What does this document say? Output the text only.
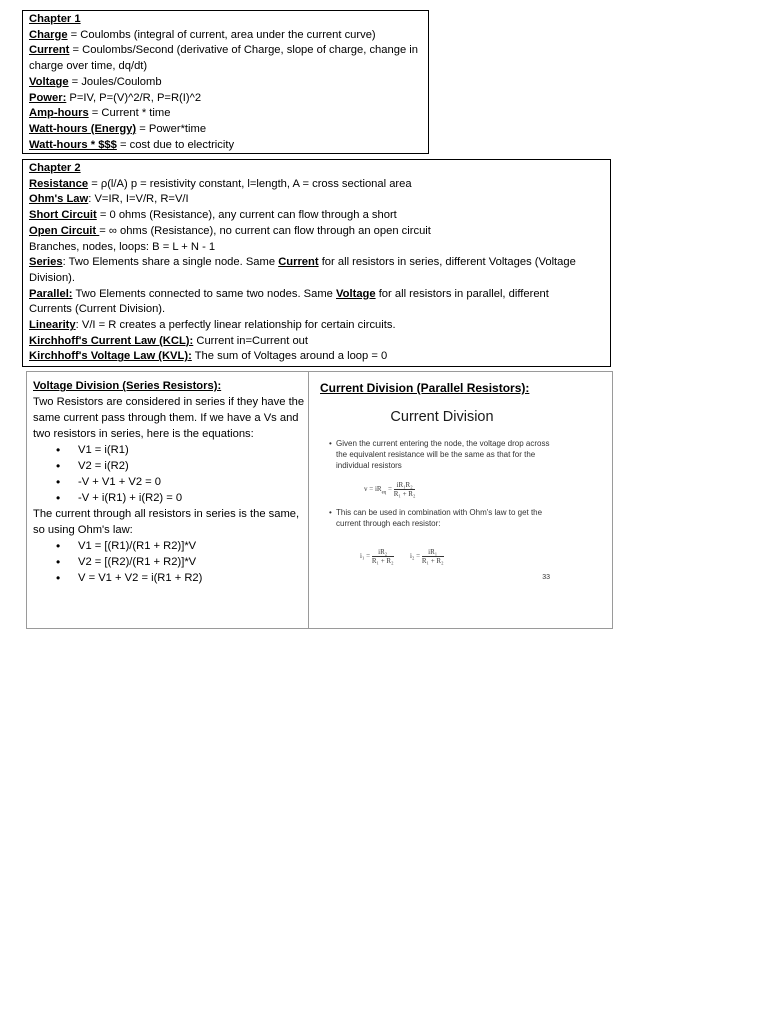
Chapter 1
Charge = Coulombs (integral of current, area under the current curve)
Current = Coulombs/Second (derivative of Charge, slope of charge, change in
charge over time, dq/dt)
Voltage = Joules/Coulomb
Power: P=IV, P=(V)^2/R, P=R(I)^2
Amp-hours = Current * time
Watt-hours (Energy) = Power*time
Watt-hours * $$$ = cost due to electricity
Chapter 2
Resistance = ρ(l/A) p = resistivity constant, l=length, A = cross sectional area
Ohm's Law: V=IR, I=V/R, R=V/I
Short Circuit = 0 ohms (Resistance), any current can flow through a short
Open Circuit = ∞ ohms (Resistance), no current can flow through an open circuit
Branches, nodes, loops: B = L + N - 1
Series: Two Elements share a single node. Same Current for all resistors in series, different Voltages (Voltage
Division).
Parallel: Two Elements connected to same two nodes. Same Voltage for all resistors in parallel, different
Currents (Current Division).
Linearity: V/I = R creates a perfectly linear relationship for certain circuits.
Kirchhoff's Current Law (KCL): Current in=Current out
Kirchhoff's Voltage Law (KVL): The sum of Voltages around a loop = 0
Voltage Division (Series Resistors):
Two Resistors are considered in series if they have the same current pass through them. If we have a Vs and two resistors in series, here is the equations:
• V1 = i(R1)
• V2 = i(R2)
• -V + V1 + V2 = 0
• -V + i(R1) + i(R2) = 0
The current through all resistors in series is the same, so using Ohm's law:
• V1 = [(R1)/(R1 + R2)]*V
• V2 = [(R2)/(R1 + R2)]*V
• V = V1 + V2 = i(R1 + R2)
Current Division (Parallel Resistors):
Current Division
• Given the current entering the node, the voltage drop across the equivalent resistance will be the same as that for the individual resistors
$v = iR_{eq} = \frac{\text{iR₁R₂}}{\text{R₁ + R₂}}$
• This can be used in combination with Ohm's law to get the current through each resistor:
$i_1 = \frac{\text{iR₂}}{\text{R₁ + R₂}} i_2 = \frac{\text{iR₁}}{\text{R₁ + R₂}}$
33
